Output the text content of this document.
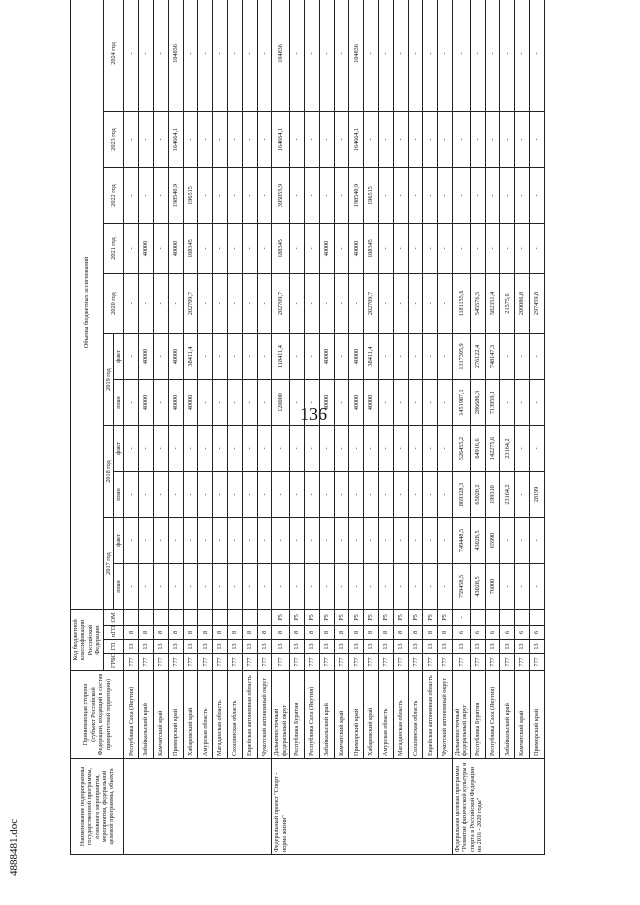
136
4888481.doc
Наименование подпрограммы государственной программы, основного мероприятия, мероприятия, федеральной целевой программы, объекта	Принимающая сторона (субъект Российской Федерации, входящий в состав приоритетной территории)	Код бюджетной классификации Российской Федерации				Объемы бюджетных ассигнований										
		ГРБС	ГП	пГП	ОМ	2017 год		2018 год		2019 год		2020 год	2021 год	2022 год	2023 год	2024 год
						план	факт	план	факт	план	факт					
	Республика Саха (Якутия)	777	13	8		-	-	-	-	-	-	-	-	-	-	-
	Забайкальский край	777	13	8		-	-	-	-	40000	40000	-	40000	-	-	-
	Камчатский край	777	13	8		-	-	-	-	-	-	-	-	-	-	-
	Приморский край	777	13	8		-	-	-	-	40000	40000	-	40000	198540,9	164664,1	104836
	Хабаровский край	777	13	8		-	-	-	-	40000	38411,4	202709,7	108345	196515	-	-
	Амурская область	777	13	8		-	-	-	-	-	-	-	-	-	-	-
	Магаданская область	777	13	8		-	-	-	-	-	-	-	-	-	-	-
	Сахалинская область	777	13	8		-	-	-	-	-	-	-	-	-	-	-
	Еврейская автономная область	777	13	8		-	-	-	-	-	-	-	-	-	-	-
	Чукотский автономный округ	777	13	8		-	-	-	-	-	-	-	-	-	-	-
Федеральный проект "Спорт - норма жизни"	Дальневосточный федеральный округ	777	13	8	Р5	-	-	-	-	120000	118411,4	202709,7	188345	395055,9	164664,1	104836
	Республика Бурятия	777	13	8	Р5	-	-	-	-	-	-	-	-	-	-	-
	Республика Саха (Якутия)	777	13	8	Р5	-	-	-	-	-	-	-	-	-	-	-
	Забайкальский край	777	13	8	Р5	-	-	-	-	40000	40000	-	40000	-	-	-
	Камчатский край	777	13	8	Р5	-	-	-	-	-	-	-	-	-	-	-
	Приморский край	777	13	8	Р5	-	-	-	-	40000	40000	-	40000	198540,9	164664,1	104836
	Хабаровский край	777	13	8	Р5	-	-	-	-	40000	38411,4	202709,7	108345	196515	-	-
	Амурская область	777	13	8	Р5	-	-	-	-	-	-	-	-	-	-	-
	Магаданская область	777	13	8	Р5	-	-	-	-	-	-	-	-	-	-	-
	Сахалинская область	777	13	8	Р5	-	-	-	-	-	-	-	-	-	-	-
	Еврейская автономная область	777	13	8	Р5	-	-	-	-	-	-	-	-	-	-	-
	Чукотский автономный округ	777	13	8	Р5	-	-	-	-	-	-	-	-	-	-	-
Федеральная целевая программа "Развитие физической культуры и спорта в Российской Федерации на 2016 - 2020 годы"	Дальневосточный федеральный округ	777	13	6	-	759458,5	749448,5	869328,3	526455,2	1451987,1	1317395,9	1181155,6	-	-	-	-
	Республика Бурятия	777	13	6		43028,5	43028,5	65020,2	64916,6	286686,3	276122,4	545576,5	-	-	-	-
	Республика Саха (Якутия)	777	13	6		76000	65990	199310	142275,6	713959,1	748147,3	582351,4	-	-	-	-
	Забайкальский край	777	13	6		-	-	23164,2	23164,2	-	-	21575,6	-	-	-	-
	Камчатский край	777	13	6		-	-	-	-	-	-	209086,8	-	-	-	-
	Приморский край	777	13	6		-	-	28199	-	-	-	297459,8	-	-	-	-
